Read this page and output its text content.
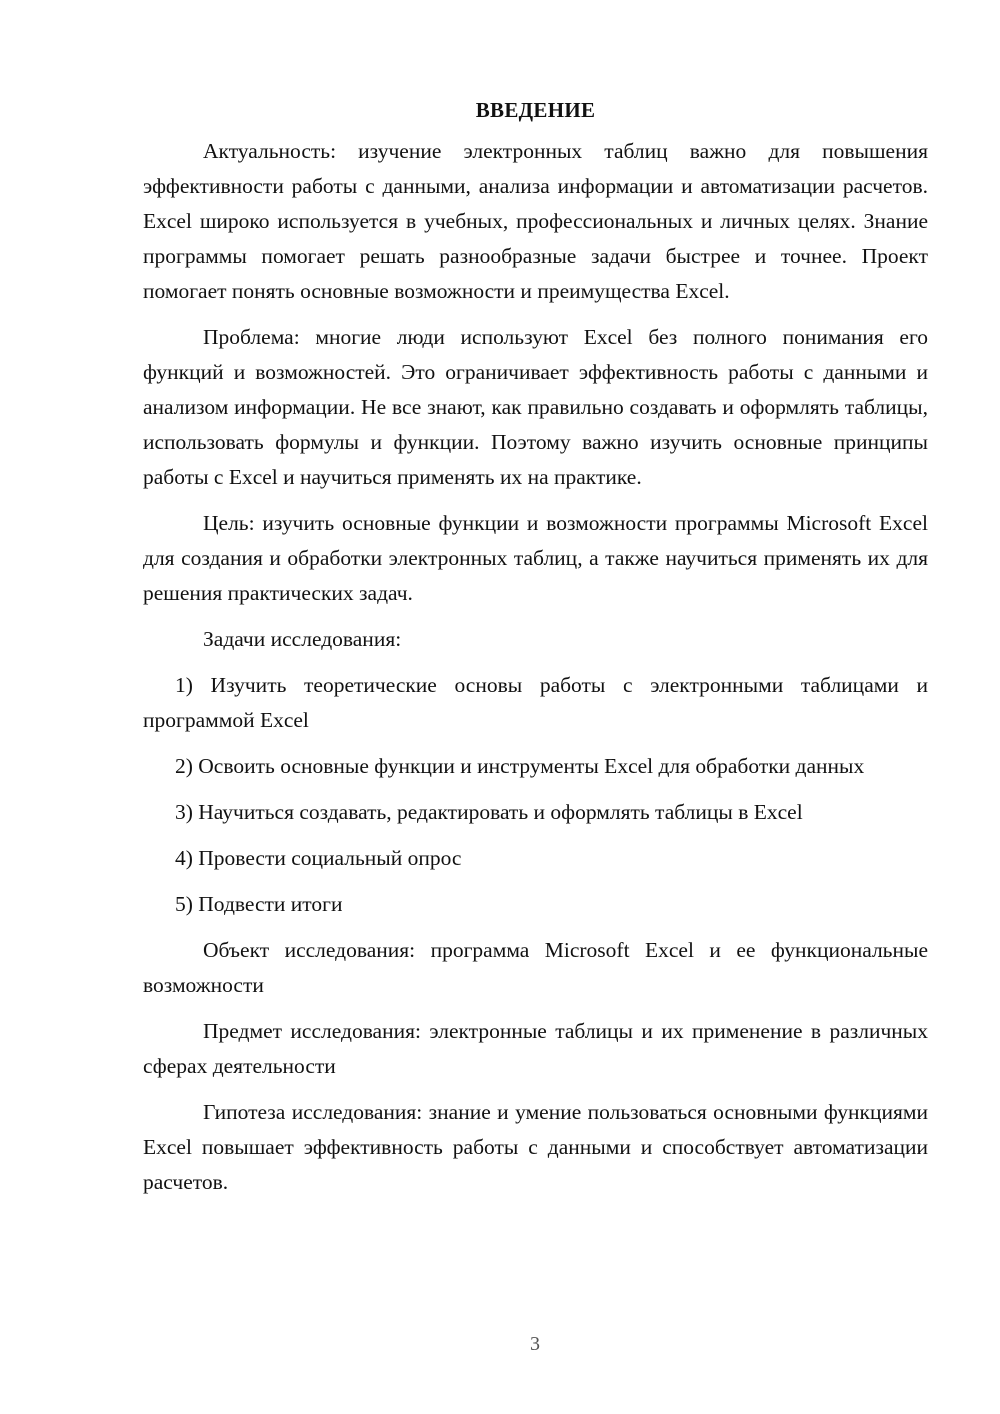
ВВЕДЕНИЕ

Актуальность: изучение электронных таблиц важно для повышения эффективности работы с данными, анализа информации и автоматизации расчетов. Excel широко используется в учебных, профессиональных и личных целях. Знание программы помогает решать разнообразные задачи быстрее и точнее. Проект помогает понять основные возможности и преимущества Excel.

Проблема: многие люди используют Excel без полного понимания его функций и возможностей. Это ограничивает эффективность работы с данными и анализом информации. Не все знают, как правильно создавать и оформлять таблицы, использовать формулы и функции. Поэтому важно изучить основные принципы работы с Excel и научиться применять их на практике.

Цель: изучить основные функции и возможности программы Microsoft Excel для создания и обработки электронных таблиц, а также научиться применять их для решения практических задач.

Задачи исследования:

1) Изучить теоретические основы работы с электронными таблицами и программой Excel

2) Освоить основные функции и инструменты Excel для обработки данных

3) Научиться создавать, редактировать и оформлять таблицы в Excel

4) Провести социальный опрос

5) Подвести итоги

Объект исследования: программа Microsoft Excel и ее функциональные возможности

Предмет исследования: электронные таблицы и их применение в различных сферах деятельности

Гипотеза исследования: знание и умение пользоваться основными функциями Excel повышает эффективность работы с данными и способствует автоматизации расчетов.

3
